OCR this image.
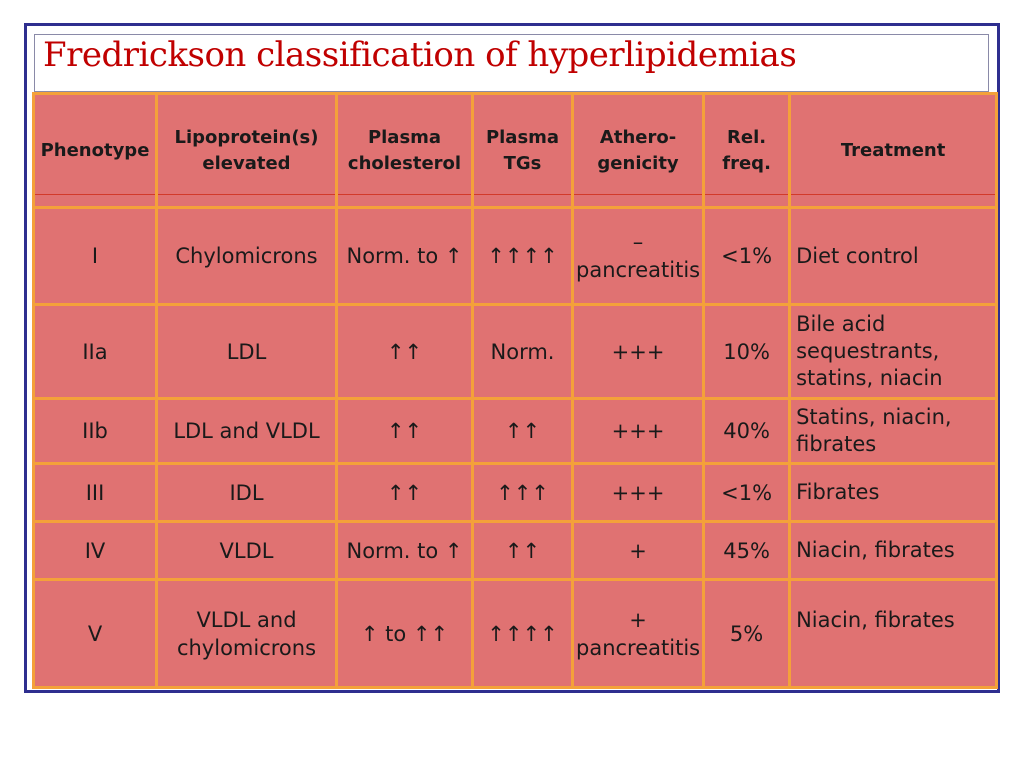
Fredrickson classification of hyperlipidemias
Phenotype	Lipoprotein(s) elevated	Plasma cholesterol	Plasma TGs	Athero-genicity	Rel. freq.	Treatment

I	Chylomicrons	Norm. to ↑	↑↑↑↑	– pancreatitis	<1%	Diet control
IIa	LDL	↑↑	Norm.	+++	10%	Bile acid sequestrants, statins, niacin
IIb	LDL and VLDL	↑↑	↑↑	+++	40%	Statins, niacin, fibrates
III	IDL	↑↑	↑↑↑	+++	<1%	Fibrates
IV	VLDL	Norm. to ↑	↑↑	+	45%	Niacin, fibrates
V	VLDL and chylomicrons	↑ to ↑↑	↑↑↑↑	+ pancreatitis	5%	Niacin, fibrates
